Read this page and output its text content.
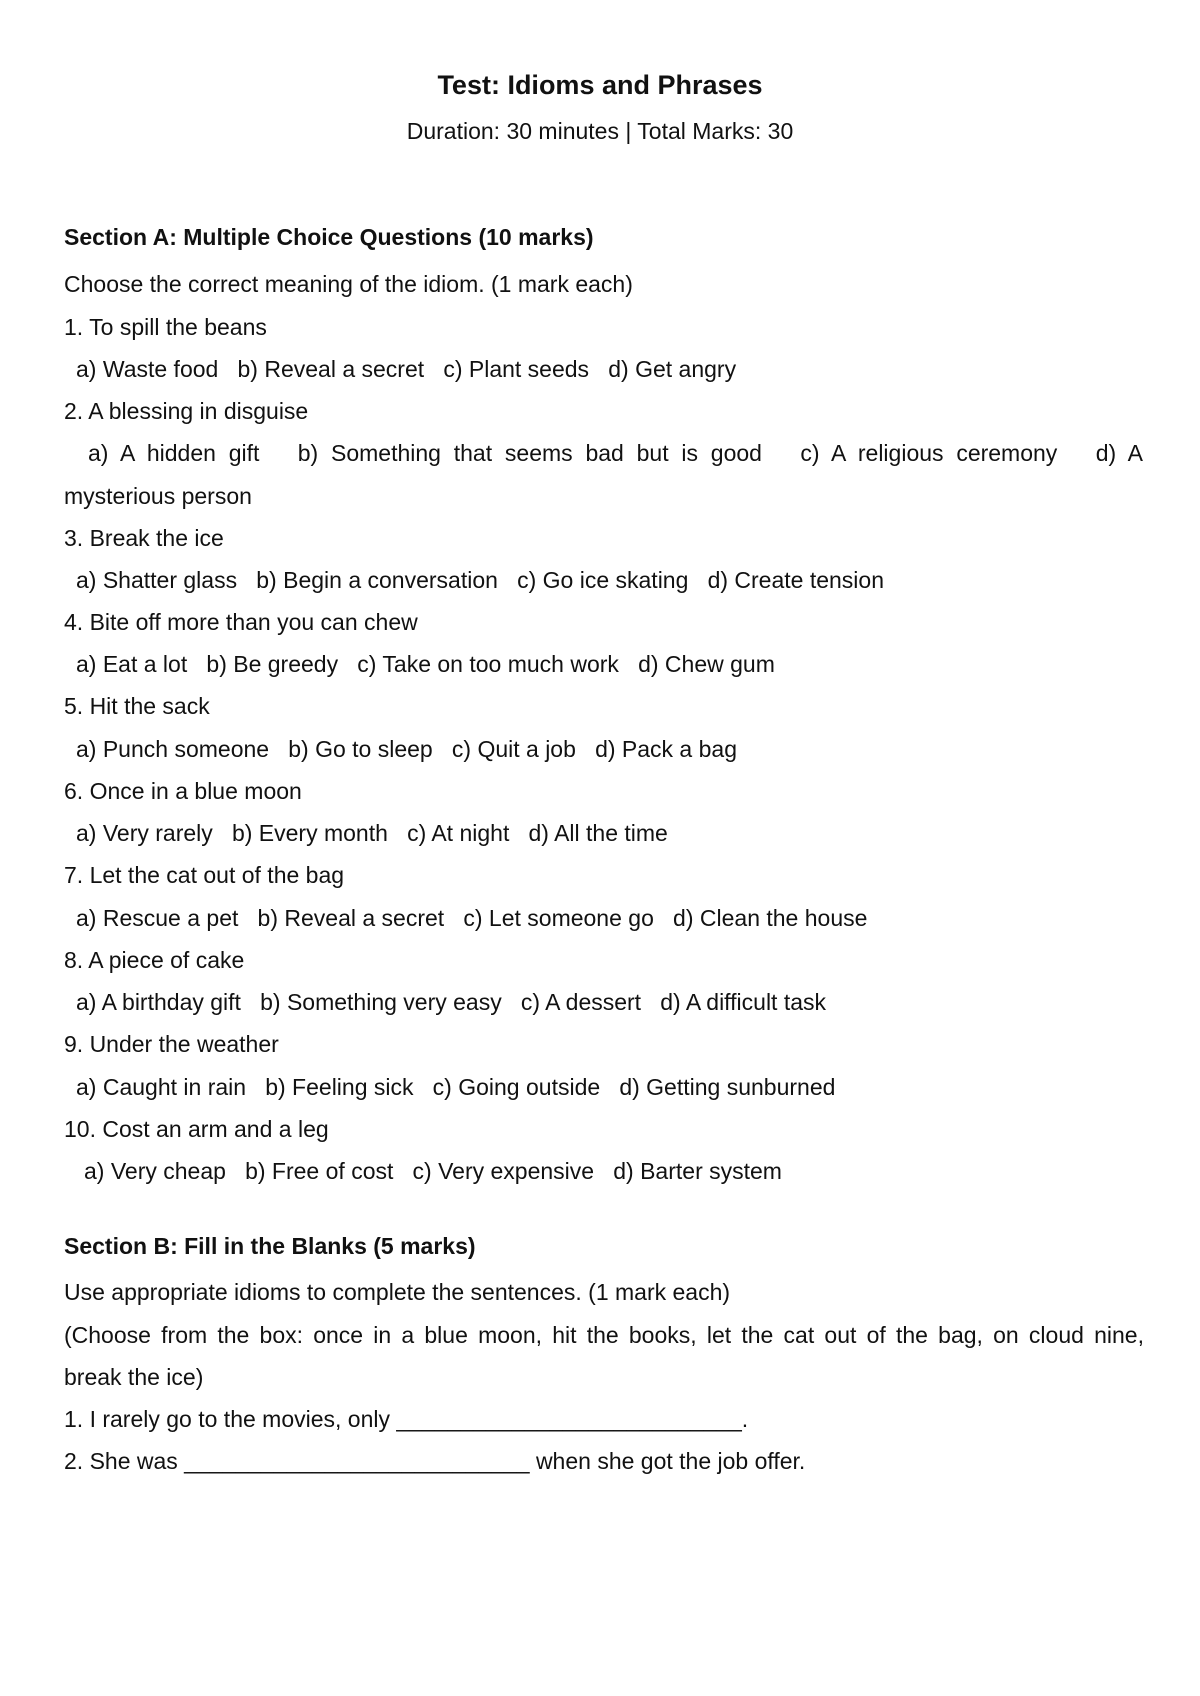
Test: Idioms and Phrases
Duration: 30 minutes | Total Marks: 30
Section A: Multiple Choice Questions (10 marks)
Choose the correct meaning of the idiom. (1 mark each)
1. To spill the beans
a) Waste food b) Reveal a secret c) Plant seeds d) Get angry
2. A blessing in disguise
a) A hidden gift b) Something that seems bad but is good c) A religious ceremony d) A
mysterious person
3. Break the ice
a) Shatter glass b) Begin a conversation c) Go ice skating d) Create tension
4. Bite off more than you can chew
a) Eat a lot b) Be greedy c) Take on too much work d) Chew gum
5. Hit the sack
a) Punch someone b) Go to sleep c) Quit a job d) Pack a bag
6. Once in a blue moon
a) Very rarely b) Every month c) At night d) All the time
7. Let the cat out of the bag
a) Rescue a pet b) Reveal a secret c) Let someone go d) Clean the house
8. A piece of cake
a) A birthday gift b) Something very easy c) A dessert d) A difficult task
9. Under the weather
a) Caught in rain b) Feeling sick c) Going outside d) Getting sunburned
10. Cost an arm and a leg
a) Very cheap b) Free of cost c) Very expensive d) Barter system
Section B: Fill in the Blanks (5 marks)
Use appropriate idioms to complete the sentences. (1 mark each)
(Choose from the box: once in a blue moon, hit the books, let the cat out of the bag, on cloud nine,
break the ice)
1. I rarely go to the movies, only ___________________________.
2. She was ___________________________ when she got the job offer.
